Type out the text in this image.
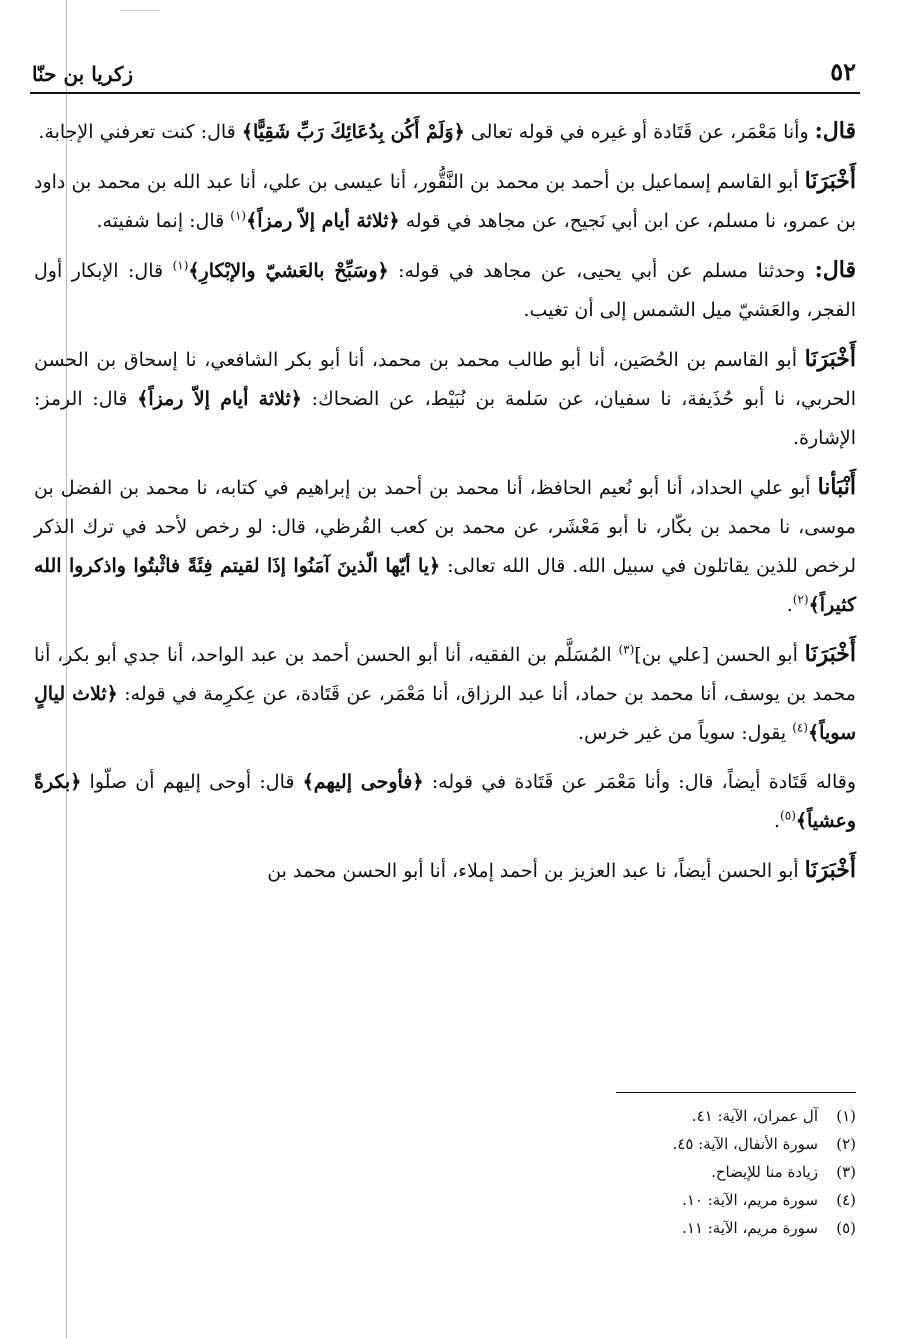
٥٢
زكريا بن حنّا

قال: وأنا مَعْمَر، عن قَتَادة أو غيره في قوله تعالى ﴿وَلَمْ أَكُن بِدُعَائِكَ رَبِّ شَقِيًّا﴾ قال: كنت تعرفني الإجابة.

أَخْبَرَنَا أبو القاسم إسماعيل بن أحمد بن محمد بن النَّقُّور، أنا عيسى بن علي، أنا عبد الله بن محمد بن داود بن عمرو، نا مسلم، عن ابن أبي نَجيح، عن مجاهد في قوله ﴿ثلاثة أيام إلاّ رمزاً﴾$^{(١)}$ قال: إنما شفيته.

قال: وحدثنا مسلم عن أبي يحيى، عن مجاهد في قوله: ﴿وسَبِّحْ بالعَشيّ والإبْكارِ﴾$^{(١)}$ قال: الإبكار أول الفجر، والعَشيّ ميل الشمس إلى أن تغيب.

أَخْبَرَنَا أبو القاسم بن الحُصَين، أنا أبو طالب محمد بن محمد، أنا أبو بكر الشافعي، نا إسحاق بن الحسن الحربي، نا أبو حُذَيفة، نا سفيان، عن سَلمة بن نُبَيْط، عن الضحاك: ﴿ثلاثة أيام إلاّ رمزاً﴾ قال: الرمز: الإشارة.

أَنْبَأنا أبو علي الحداد، أنا أبو نُعيم الحافظ، أنا محمد بن أحمد بن إبراهيم في كتابه، نا محمد بن الفضل بن موسى، نا محمد بن بكّار، نا أبو مَعْشَر، عن محمد بن كعب القُرظي، قال: لو رخص لأحد في ترك الذكر لرخص للذين يقاتلون في سبيل الله. قال الله تعالى: ﴿يا أيّها الّذينَ آمَنُوا إذَا لقيتم فِئَةً فاثْبتُوا واذكروا الله كثيراً﴾$^{(٢)}$.

أَخْبَرَنَا أبو الحسن [علي بن]$^{(٣)}$ المُسَلَّم بن الفقيه، أنا أبو الحسن أحمد بن عبد الواحد، أنا جدي أبو بكر، أنا محمد بن يوسف، أنا محمد بن حماد، أنا عبد الرزاق، أنا مَعْمَر، عن قَتَادة، عن عِكرِمة في قوله: ﴿ثلاث ليالٍ سوياً﴾$^{(٤)}$ يقول: سوياً من غير خرس.

وقاله قَتَادة أيضاً، قال: وأنا مَعْمَر عن قَتَادة في قوله: ﴿فأوحى إليهم﴾ قال: أوحى إليهم أن صلّوا ﴿بكرةً وعشياً﴾$^{(٥)}$.

أَخْبَرَنَا أبو الحسن أيضاً، نا عبد العزيز بن أحمد إملاء، أنا أبو الحسن محمد بن

(١)
آل عمران، الآية: ٤١.
(٢)
سورة الأنفال، الآية: ٤٥.
(٣)
زيادة منا للإيضاح.
(٤)
سورة مريم، الآية: ١٠.
(٥)
سورة مريم، الآية: ١١.
